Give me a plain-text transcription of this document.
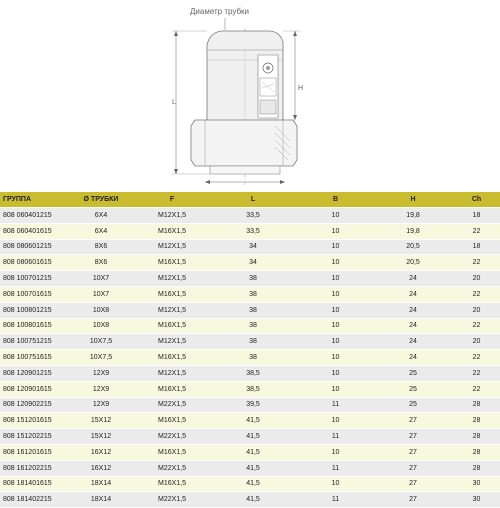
L
H
Диаметр трубки
ГРУППА	Ø ТРУБКИ	F	L	B	H	Ch
808 060401215	6X4	M12X1,5	33,5	10	19,8	18
808 060401615	6X4	M16X1,5	33,5	10	19,8	22
808 080601215	8X6	M12X1,5	34	10	20,5	18
808 080601615	8X6	M16X1,5	34	10	20,5	22
808 100701215	10X7	M12X1,5	38	10	24	20
808 100701615	10X7	M16X1,5	38	10	24	22
808 100801215	10X8	M12X1,5	38	10	24	20
808 100801615	10X8	M16X1,5	38	10	24	22
808 100751215	10X7,5	M12X1,5	38	10	24	20
808 100751615	10X7,5	M16X1,5	38	10	24	22
808 120901215	12X9	M12X1,5	38,5	10	25	22
808 120901615	12X9	M16X1,5	38,5	10	25	22
808 120902215	12X9	M22X1,5	39,5	11	25	28
808 151201615	15X12	M16X1,5	41,5	10	27	28
808 151202215	15X12	M22X1,5	41,5	11	27	28
808 161201615	16X12	M16X1,5	41,5	10	27	28
808 161202215	16X12	M22X1,5	41,5	11	27	28
808 181401615	18X14	M16X1,5	41,5	10	27	30
808 181402215	18X14	M22X1,5	41,5	11	27	30
